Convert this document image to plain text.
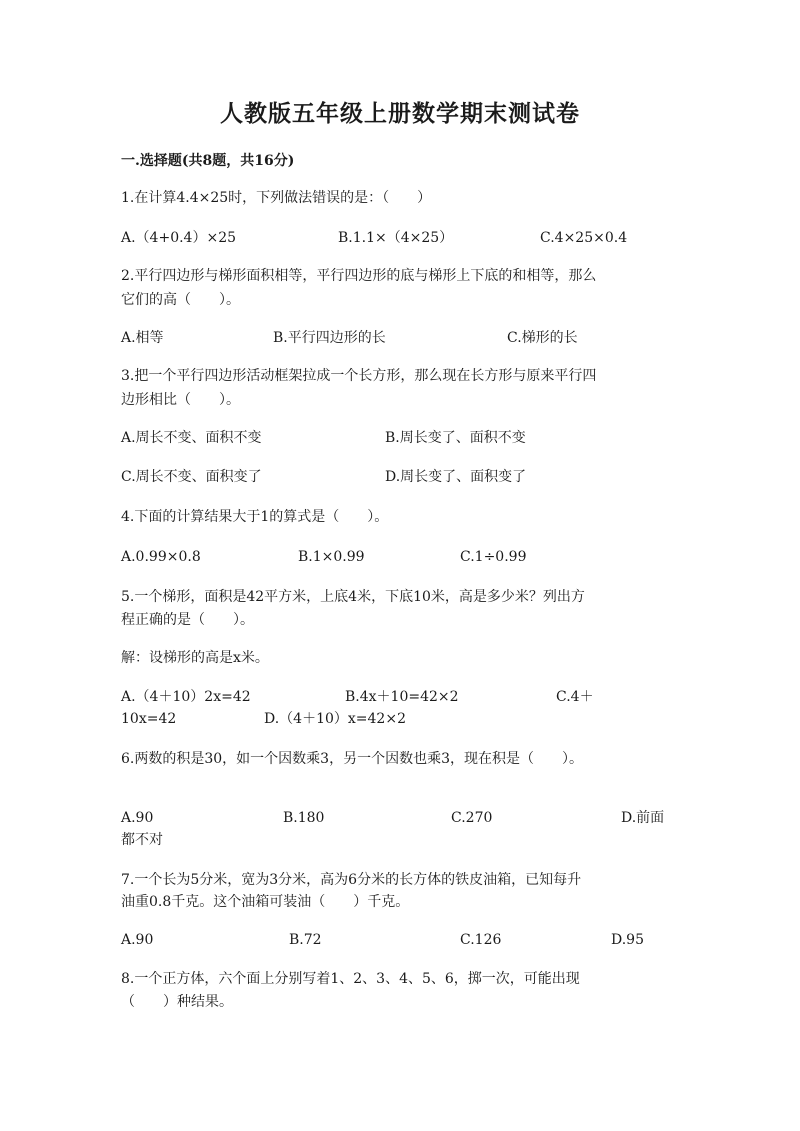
人教版五年级上册数学期末测试卷
一.选择题(共8题，共16分)
1.在计算4.4×25时，下列做法错误的是：（　　）
A.（4+0.4）×25	B.1.1×（4×25）	C.4×25×0.4
2.平行四边形与梯形面积相等，平行四边形的底与梯形上下底的和相等，那么
它们的高（　　）。
A.相等	B.平行四边形的长	C.梯形的长
3.把一个平行四边形活动框架拉成一个长方形，那么现在长方形与原来平行四
边形相比（　　）。
A.周长不变、面积不变	B.周长变了、面积不变
C.周长不变、面积变了	D.周长变了、面积变了
4.下面的计算结果大于1的算式是（　　）。
A.0.99×0.8	B.1×0.99	C.1÷0.99
5.一个梯形，面积是42平方米，上底4米，下底10米，高是多少米？列出方
程正确的是（　　）。
解：设梯形的高是x米。
A.（4＋10）2x=42	B.4x＋10=42×2	C.4＋
10x=42	D.（4＋10）x=42×2
6.两数的积是30，如一个因数乘3，另一个因数也乘3，现在积是（　　）。
A.90	B.180	C.270	D.前面
都不对
7.一个长为5分米，宽为3分米，高为6分米的长方体的铁皮油箱，已知每升
油重0.8千克。这个油箱可装油（　　）千克。
A.90	B.72	C.126	D.95
8.一个正方体，六个面上分别写着1、2、3、4、5、6，掷一次，可能出现
（　　）种结果。
